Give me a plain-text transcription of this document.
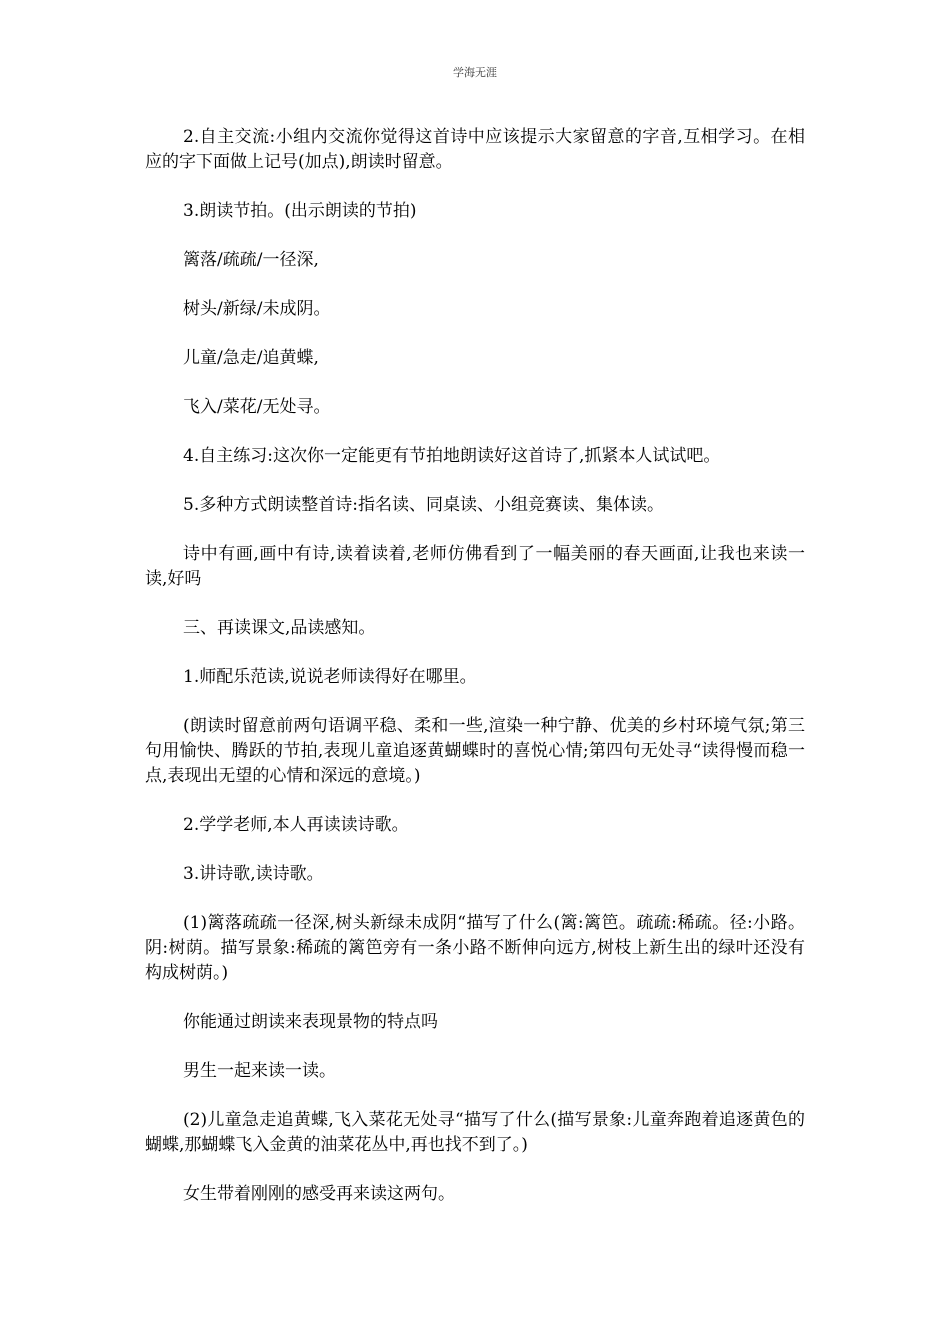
学海无涯

2.自主交流:小组内交流你觉得这首诗中应该提示大家留意的字音,互相学习。在相应的字下面做上记号(加点),朗读时留意。

3.朗读节拍。(出示朗读的节拍)

篱落/疏疏/一径深,

树头/新绿/未成阴。

儿童/急走/追黄蝶,

飞入/菜花/无处寻。

4.自主练习:这次你一定能更有节拍地朗读好这首诗了,抓紧本人试试吧。

5.多种方式朗读整首诗:指名读、同桌读、小组竞赛读、集体读。

诗中有画,画中有诗,读着读着,老师仿佛看到了一幅美丽的春天画面,让我也来读一读,好吗

三、再读课文,品读感知。

1.师配乐范读,说说老师读得好在哪里。

(朗读时留意前两句语调平稳、柔和一些,渲染一种宁静、优美的乡村环境气氛;第三句用愉快、腾跃的节拍,表现儿童追逐黄蝴蝶时的喜悦心情;第四句无处寻“读得慢而稳一点,表现出无望的心情和深远的意境。)

2.学学老师,本人再读读诗歌。

3.讲诗歌,读诗歌。

(1)篱落疏疏一径深,树头新绿未成阴“描写了什么(篱:篱笆。疏疏:稀疏。径:小路。阴:树荫。描写景象:稀疏的篱笆旁有一条小路不断伸向远方,树枝上新生出的绿叶还没有构成树荫。)

你能通过朗读来表现景物的特点吗

男生一起来读一读。

(2)儿童急走追黄蝶,飞入菜花无处寻“描写了什么(描写景象:儿童奔跑着追逐黄色的蝴蝶,那蝴蝶飞入金黄的油菜花丛中,再也找不到了。)

女生带着刚刚的感受再来读这两句。
